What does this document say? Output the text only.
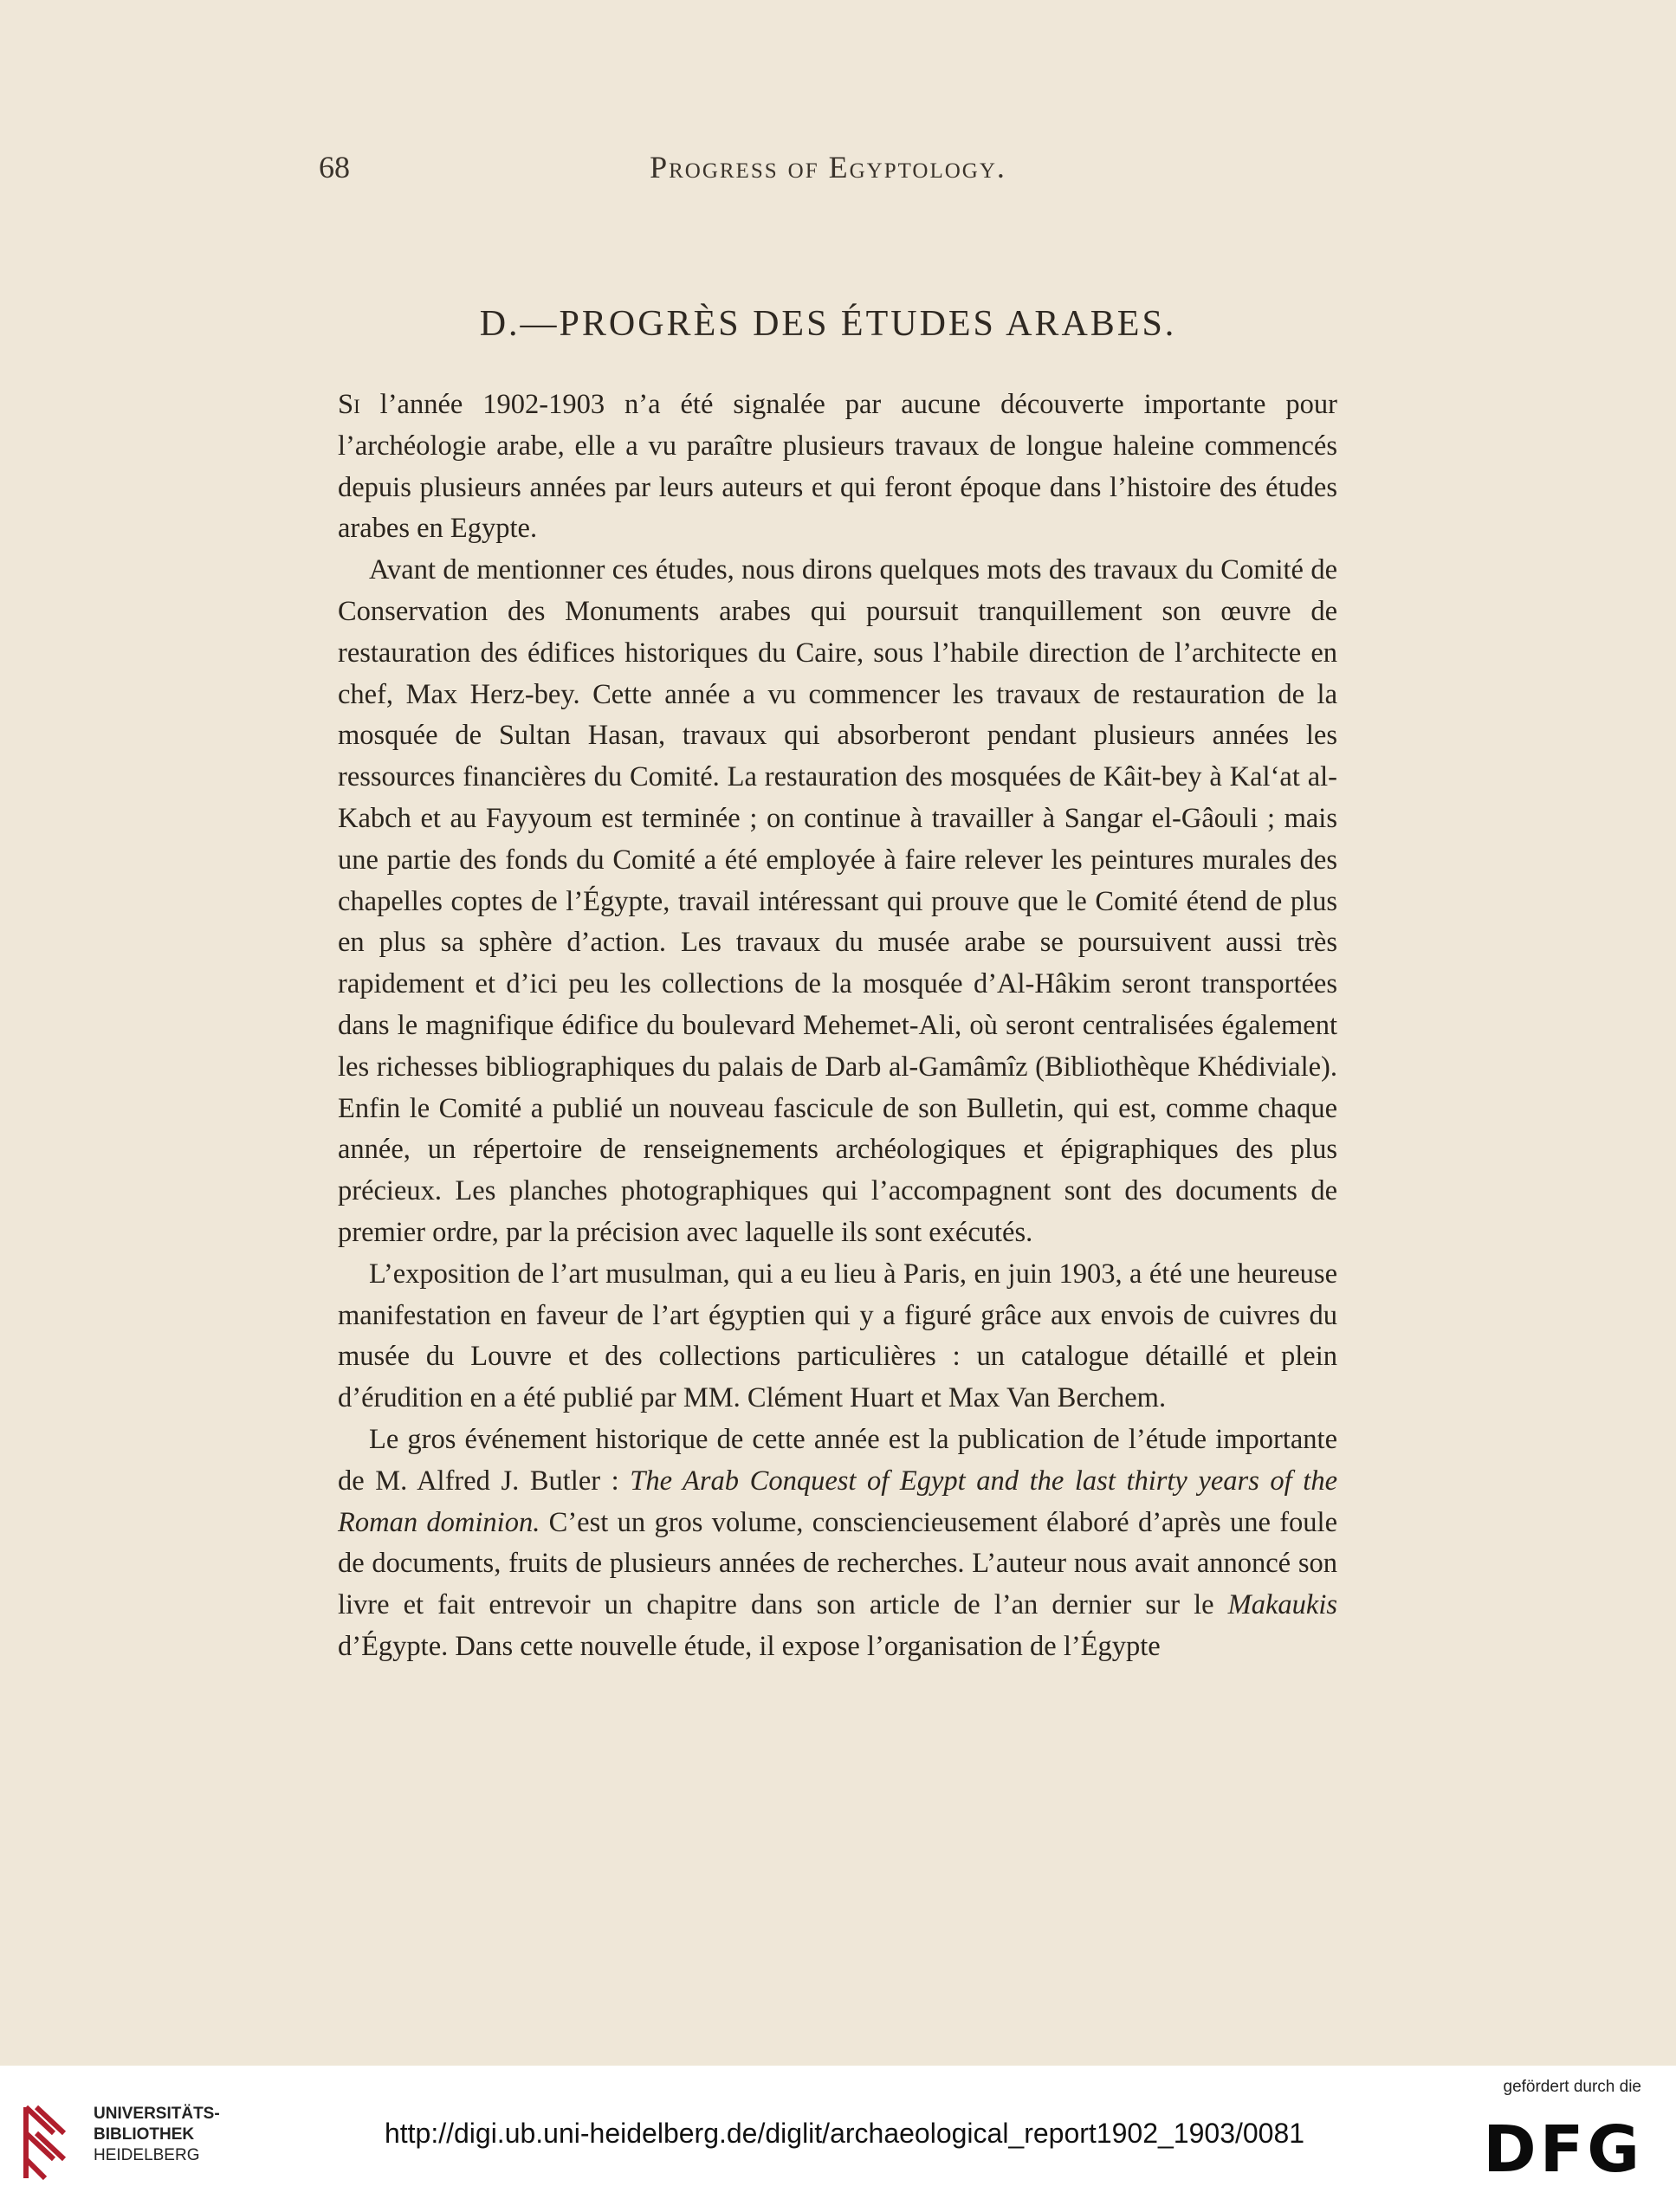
68	Progress of Egyptology.
D.—PROGRÈS DES ÉTUDES ARABES.

Si l’année 1902-1903 n’a été signalée par aucune découverte importante pour l’archéologie arabe, elle a vu paraître plusieurs travaux de longue haleine commencés depuis plusieurs années par leurs auteurs et qui feront époque dans l’histoire des études arabes en Egypte.

Avant de mentionner ces études, nous dirons quelques mots des travaux du Comité de Conservation des Monuments arabes qui poursuit tranquillement son œuvre de restauration des édifices historiques du Caire, sous l’habile direction de l’architecte en chef, Max Herz-bey. Cette année a vu commencer les travaux de restauration de la mosquée de Sultan Hasan, travaux qui absorberont pendant plusieurs années les ressources financières du Comité. La restauration des mosquées de Kâit-bey à Kal‘at al-Kabch et au Fayyoum est terminée ; on continue à travailler à Sangar el-Gâouli ; mais une partie des fonds du Comité a été employée à faire relever les peintures murales des chapelles coptes de l’Égypte, travail intéressant qui prouve que le Comité étend de plus en plus sa sphère d’action. Les travaux du musée arabe se poursuivent aussi très rapidement et d’ici peu les collections de la mosquée d’Al-Hâkim seront transportées dans le magnifique édifice du boulevard Mehemet-Ali, où seront centralisées également les richesses bibliographiques du palais de Darb al-Gamâmîz (Bibliothèque Khédiviale). Enfin le Comité a publié un nouveau fascicule de son Bulletin, qui est, comme chaque année, un répertoire de renseignements archéologiques et épigraphiques des plus précieux. Les planches photographiques qui l’accompagnent sont des documents de premier ordre, par la précision avec laquelle ils sont exécutés.

L’exposition de l’art musulman, qui a eu lieu à Paris, en juin 1903, a été une heureuse manifestation en faveur de l’art égyptien qui y a figuré grâce aux envois de cuivres du musée du Louvre et des collections particulières : un catalogue détaillé et plein d’érudition en a été publié par MM. Clément Huart et Max Van Berchem.

Le gros événement historique de cette année est la publication de l’étude importante de M. Alfred J. Butler : The Arab Conquest of Egypt and the last thirty years of the Roman dominion. C’est un gros volume, consciencieusement élaboré d’après une foule de documents, fruits de plusieurs années de recherches. L’auteur nous avait annoncé son livre et fait entrevoir un chapitre dans son article de l’an dernier sur le Makaukis d’Égypte. Dans cette nouvelle étude, il expose l’organisation de l’Égypte

UNIVERSITÄTS-
BIBLIOTHEK
HEIDELBERG
http://digi.ub.uni-heidelberg.de/diglit/archaeological_report1902_1903/0081
gefördert durch die
DFG
